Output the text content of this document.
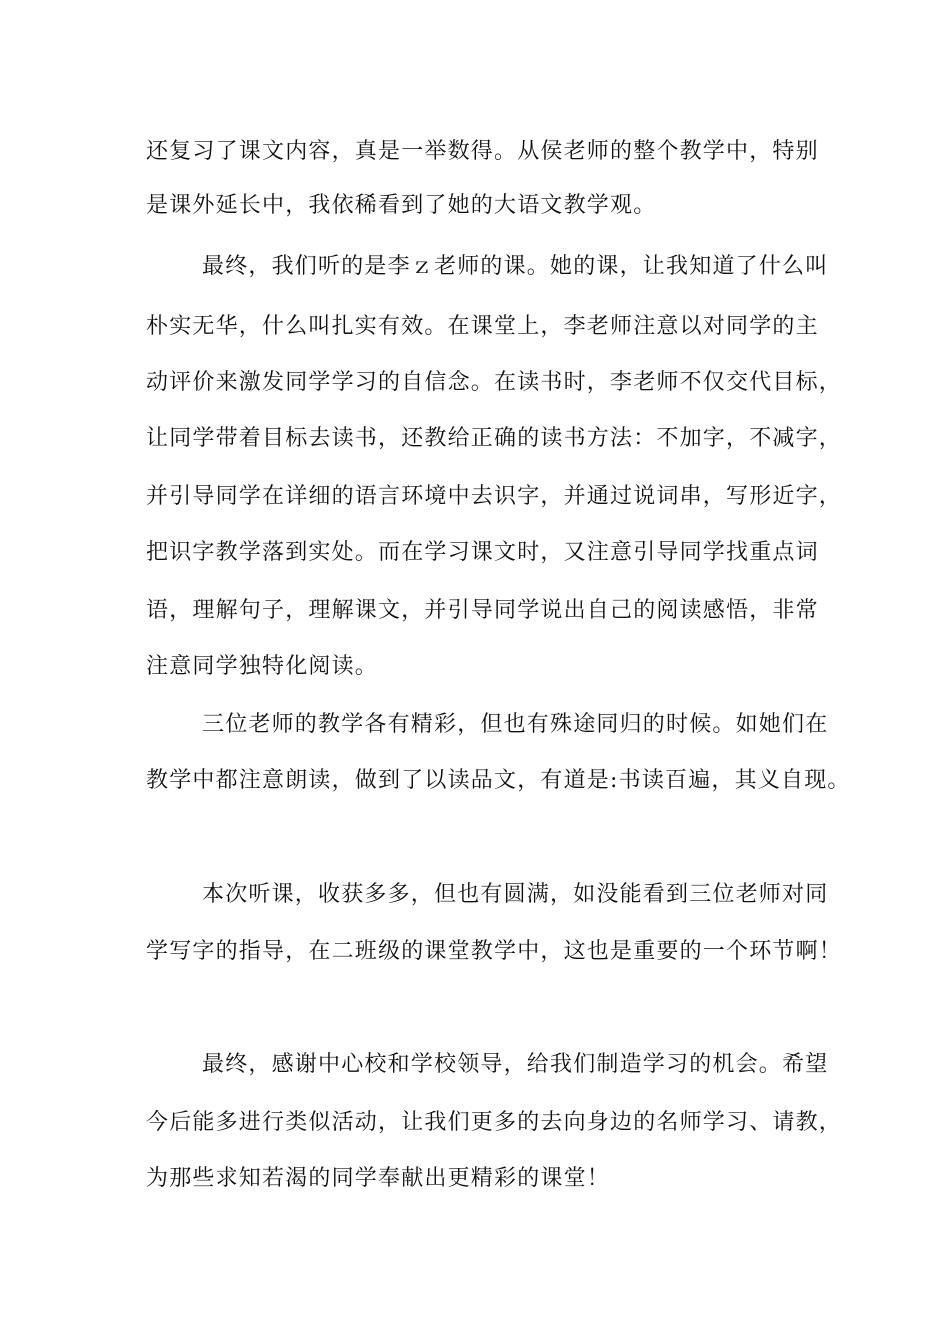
还复习了课文内容，真是一举数得。从侯老师的整个教学中，特别
是课外延长中，我依稀看到了她的大语文教学观。
最终，我们听的是李ｚ老师的课。她的课，让我知道了什么叫
朴实无华，什么叫扎实有效。在课堂上，李老师注意以对同学的主
动评价来激发同学学习的自信念。在读书时，李老师不仅交代目标，
让同学带着目标去读书，还教给正确的读书方法：不加字，不减字，
并引导同学在详细的语言环境中去识字，并通过说词串，写形近字，
把识字教学落到实处。而在学习课文时，又注意引导同学找重点词
语，理解句子，理解课文，并引导同学说出自己的阅读感悟，非常
注意同学独特化阅读。
三位老师的教学各有精彩，但也有殊途同归的时候。如她们在
教学中都注意朗读，做到了以读品文，有道是:书读百遍，其义自现。
本次听课，收获多多，但也有圆满，如没能看到三位老师对同
学写字的指导，在二班级的课堂教学中，这也是重要的一个环节啊！
最终，感谢中心校和学校领导，给我们制造学习的机会。希望
今后能多进行类似活动，让我们更多的去向身边的名师学习、请教，
为那些求知若渴的同学奉献出更精彩的课堂！
